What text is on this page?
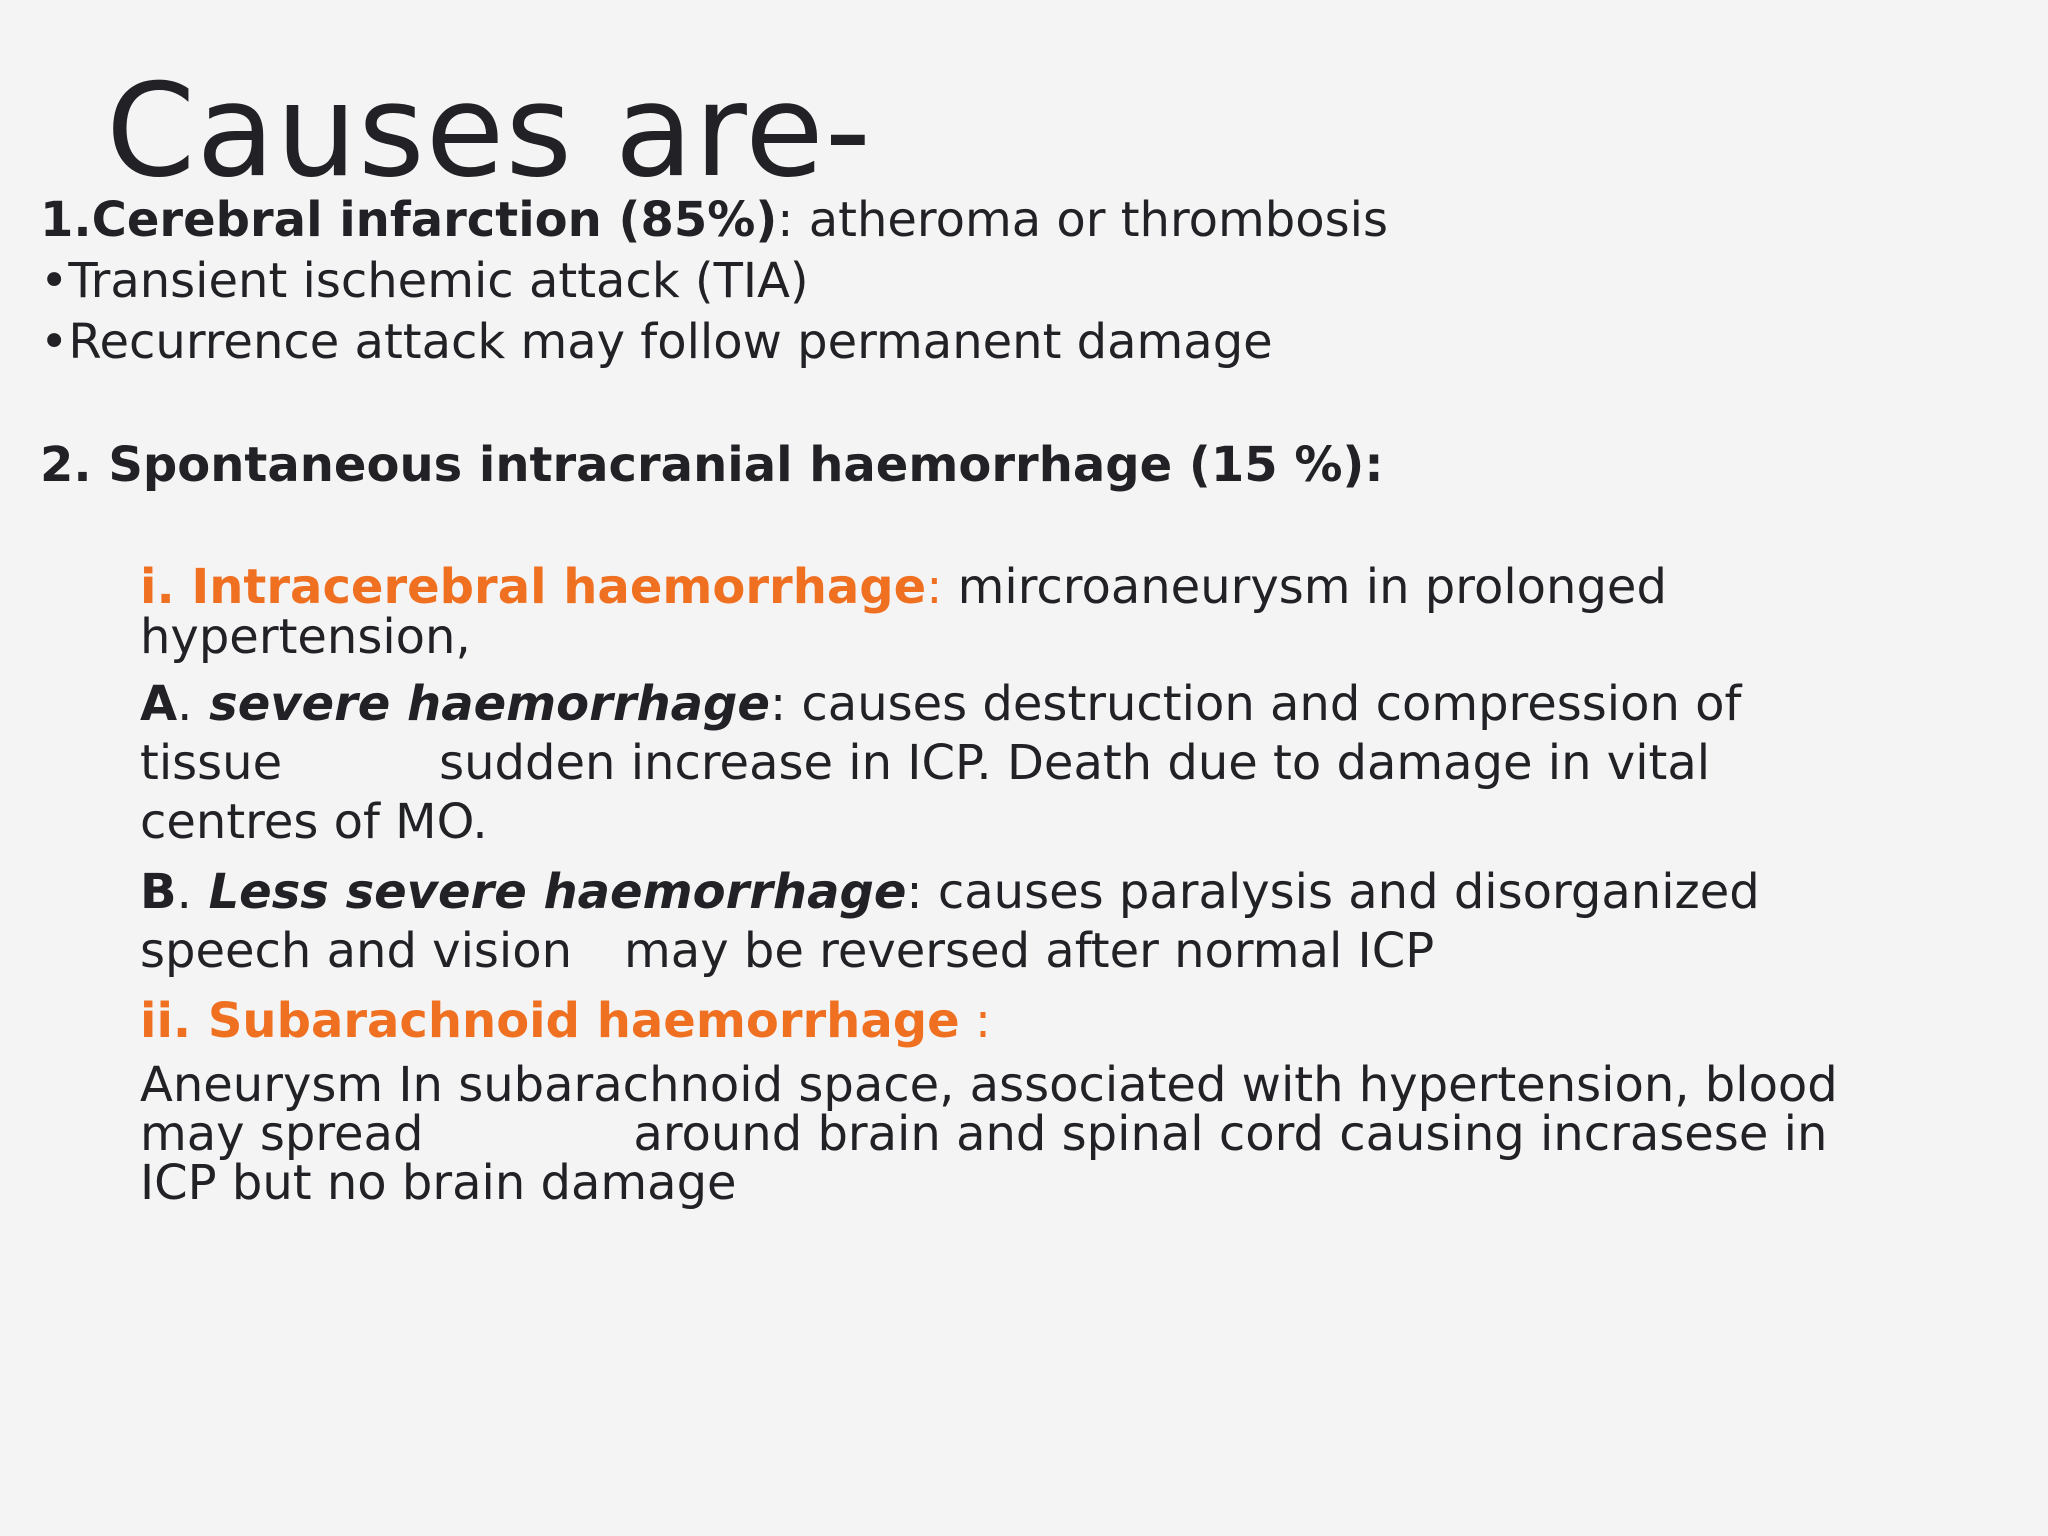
Causes are-
1.Cerebral infarction (85%): atheroma or thrombosis
•Transient ischemic attack (TIA)
•Recurrence attack may follow permanent damage
2. Spontaneous intracranial haemorrhage (15 %):
i. Intracerebral haemorrhage: mircroaneurysm in prolonged
hypertension,
A. severe haemorrhage: causes destruction and compression of
tissue	sudden increase in ICP. Death due to damage in vital
centres of MO.
B. Less severe haemorrhage: causes paralysis and disorganized
speech and vision may be reversed after normal ICP
ii. Subarachnoid haemorrhage :
Aneurysm In subarachnoid space, associated with hypertension, blood
may spread	around brain and spinal cord causing incrasese in
ICP but no brain damage
